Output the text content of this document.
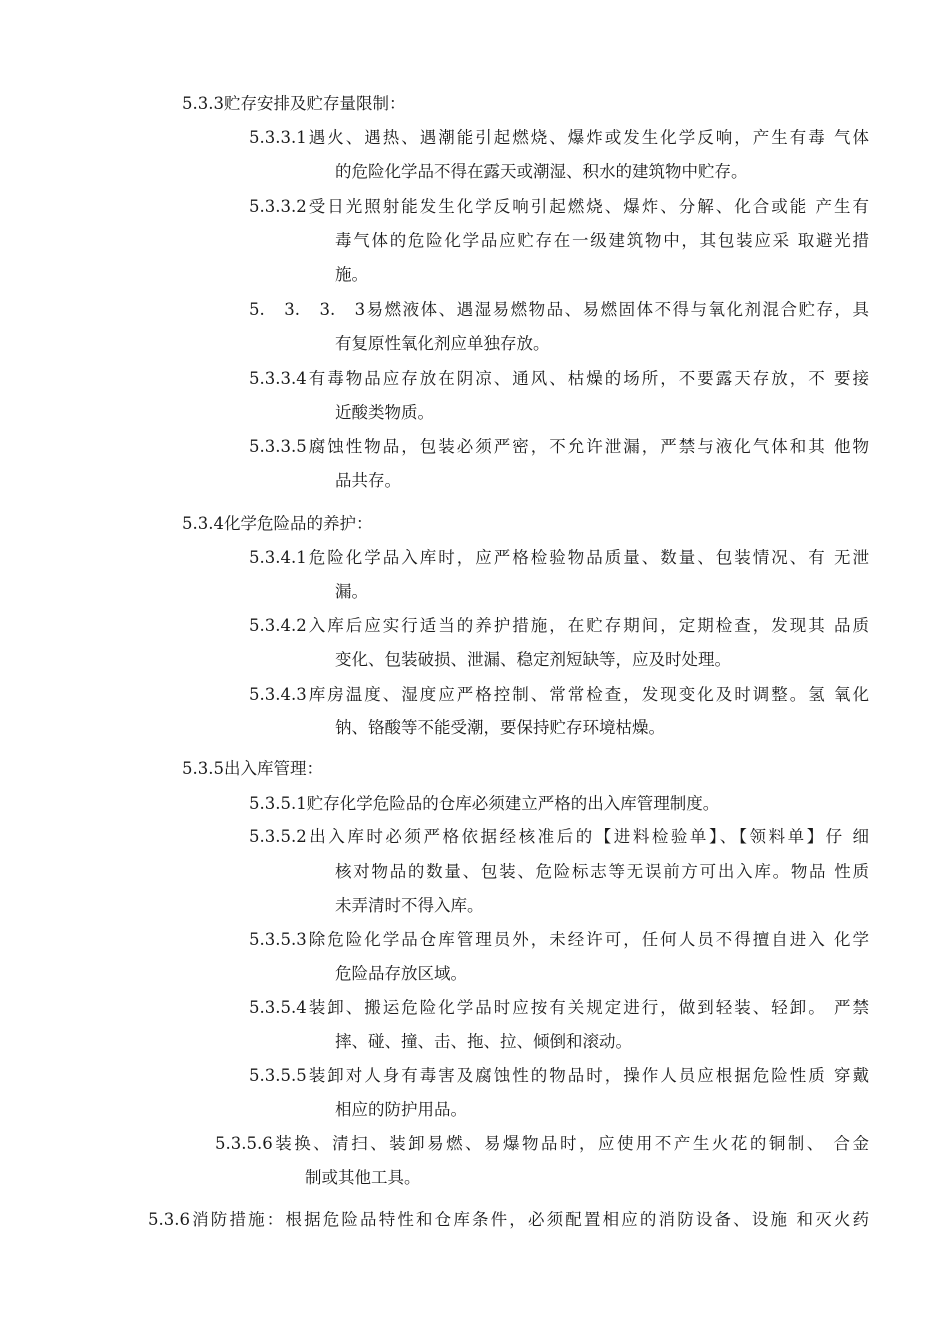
5.3.3贮存安排及贮存量限制：
5.3.3.1遇火、遇热、遇潮能引起燃烧、爆炸或发生化学反响，产生有毒 气体
的危险化学品不得在露天或潮湿、积水的建筑物中贮存。
5.3.3.2受日光照射能发生化学反响引起燃烧、爆炸、分解、化合或能 产生有
毒气体的危险化学品应贮存在一级建筑物中，其包装应采 取避光措
施。
5.　3.　3.　3易燃液体、遇湿易燃物品、易燃固体不得与氧化剂混合贮存，具
有复原性氧化剂应单独存放。
5.3.3.4有毒物品应存放在阴凉、通风、枯燥的场所，不要露天存放，不 要接
近酸类物质。
5.3.3.5腐蚀性物品，包装必须严密，不允许泄漏，严禁与液化气体和其 他物
品共存。
5.3.4化学危险品的养护：
5.3.4.1危险化学品入库时，应严格检验物品质量、数量、包装情况、有 无泄
漏。
5.3.4.2入库后应实行适当的养护措施，在贮存期间，定期检查，发现其 品质
变化、包装破损、泄漏、稳定剂短缺等，应及时处理。
5.3.4.3库房温度、湿度应严格控制、常常检查，发现变化及时调整。氢 氧化
钠、铬酸等不能受潮，要保持贮存环境枯燥。
5.3.5出入库管理：
5.3.5.1贮存化学危险品的仓库必须建立严格的出入库管理制度。
5.3.5.2出入库时必须严格依据经核准后的【进料检验单】、【领料单】仔 细
核对物品的数量、包装、危险标志等无误前方可出入库。物品 性质
未弄清时不得入库。
5.3.5.3除危险化学品仓库管理员外，未经许可，任何人员不得擅自进入 化学
危险品存放区域。
5.3.5.4装卸、搬运危险化学品时应按有关规定进行，做到轻装、轻卸。 严禁
摔、碰、撞、击、拖、拉、倾倒和滚动。
5.3.5.5装卸对人身有毒害及腐蚀性的物品时，操作人员应根据危险性质 穿戴
相应的防护用品。
5.3.5.6装换、清扫、装卸易燃、易爆物品时，应使用不产生火花的铜制、 合金
制或其他工具。
5.3.6消防措施：根据危险品特性和仓库条件，必须配置相应的消防设备、设施 和灭火药
